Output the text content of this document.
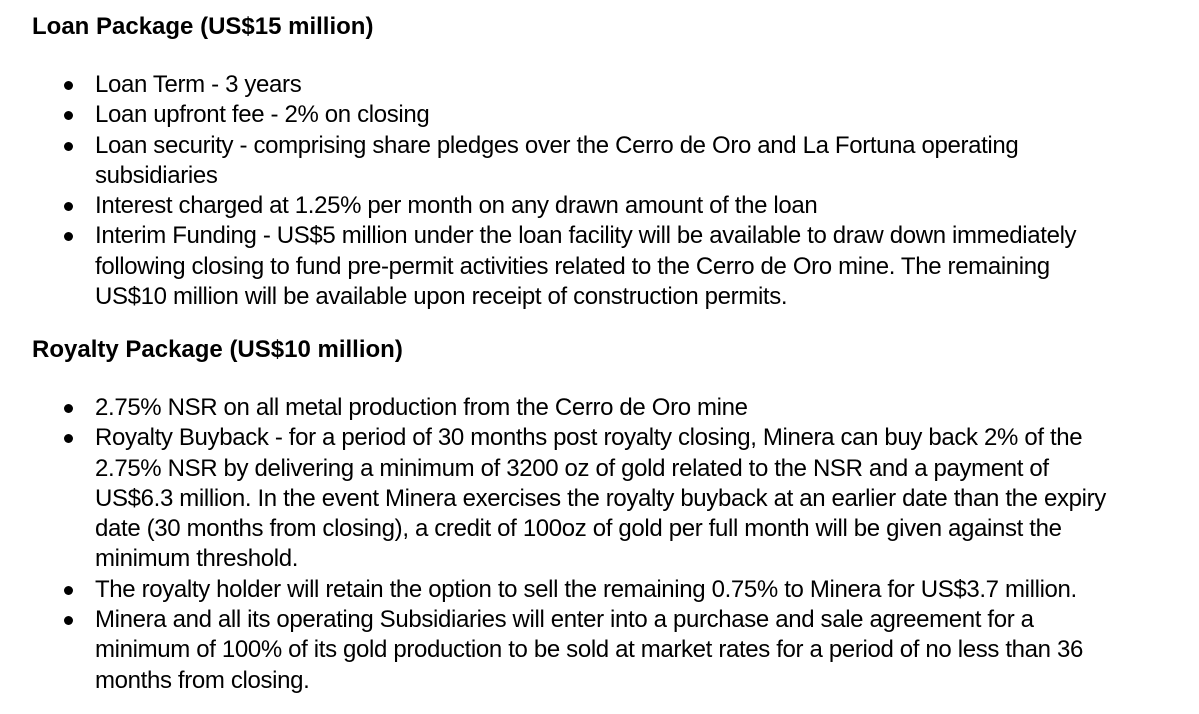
Loan Package (US$15 million)
Loan Term - 3 years
Loan upfront fee - 2% on closing
Loan security - comprising share pledges over the Cerro de Oro and La Fortuna operating
subsidiaries
Interest charged at 1.25% per month on any drawn amount of the loan
Interim Funding - US$5 million under the loan facility will be available to draw down immediately
following closing to fund pre-permit activities related to the Cerro de Oro mine. The remaining
US$10 million will be available upon receipt of construction permits.
Royalty Package (US$10 million)
2.75% NSR on all metal production from the Cerro de Oro mine
Royalty Buyback - for a period of 30 months post royalty closing, Minera can buy back 2% of the
2.75% NSR by delivering a minimum of 3200 oz of gold related to the NSR and a payment of
US$6.3 million. In the event Minera exercises the royalty buyback at an earlier date than the expiry
date (30 months from closing), a credit of 100oz of gold per full month will be given against the
minimum threshold.
The royalty holder will retain the option to sell the remaining 0.75% to Minera for US$3.7 million.
Minera and all its operating Subsidiaries will enter into a purchase and sale agreement for a
minimum of 100% of its gold production to be sold at market rates for a period of no less than 36
months from closing.
